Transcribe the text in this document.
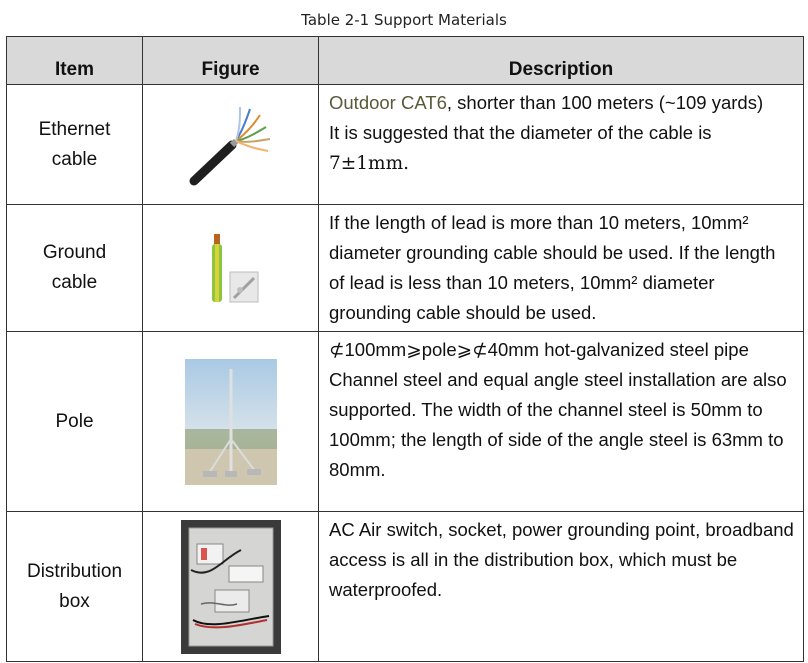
Table 2-1 Support Materials
Item	Figure	Description

Ethernet
cable		Outdoor CAT6, shorter than 100 meters (~109 yards)
It is suggested that the diameter of the cable is 7±1mm.

Ground
cable		If the length of lead is more than 10 meters, 10mm² diameter grounding cable should be used. If the length of lead is less than 10 meters, 10mm² diameter grounding cable should be used.

Pole		⊄100mm⩾pole⩾⊄40mm hot-galvanized steel pipe
Channel steel and equal angle steel installation are also supported. The width of the channel steel is 50mm to 100mm; the length of side of the angle steel is 63mm to 80mm.

Distribution
box		AC Air switch, socket, power grounding point, broadband access is all in the distribution box, which must be waterproofed.
